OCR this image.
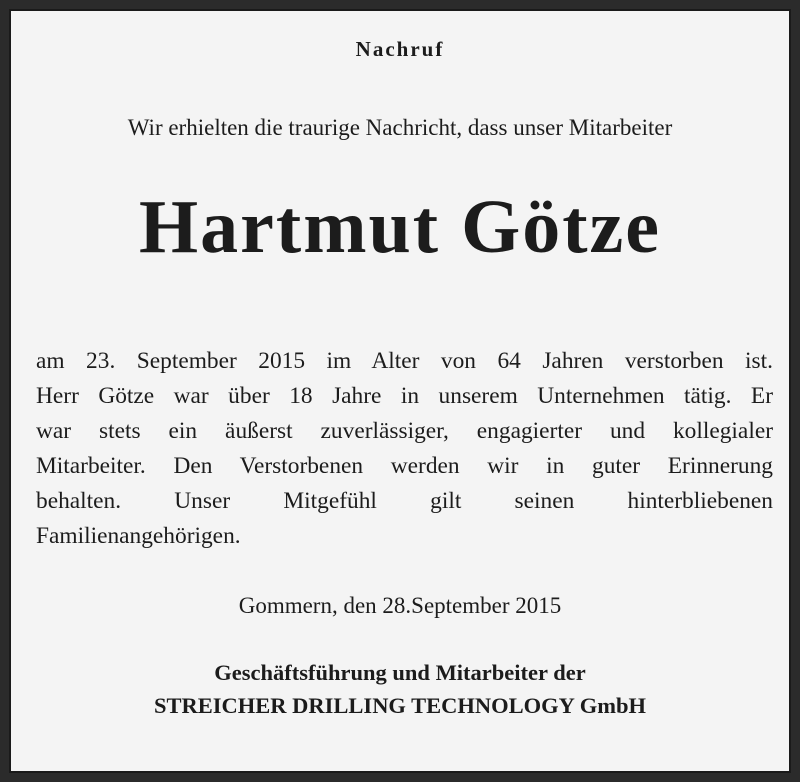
Nachruf
Wir erhielten die traurige Nachricht, dass unser Mitarbeiter
Hartmut Götze
am 23. September 2015 im Alter von 64 Jahren verstorben ist.
Herr Götze war über 18 Jahre in unserem Unternehmen tätig. Er
war stets ein äußerst zuverlässiger, engagierter und kollegialer
Mitarbeiter. Den Verstorbenen werden wir in guter Erinnerung
behalten. Unser Mitgefühl gilt seinen hinterbliebenen
Familienangehörigen.
Gommern, den 28.September 2015
Geschäftsführung und Mitarbeiter der
STREICHER DRILLING TECHNOLOGY GmbH
